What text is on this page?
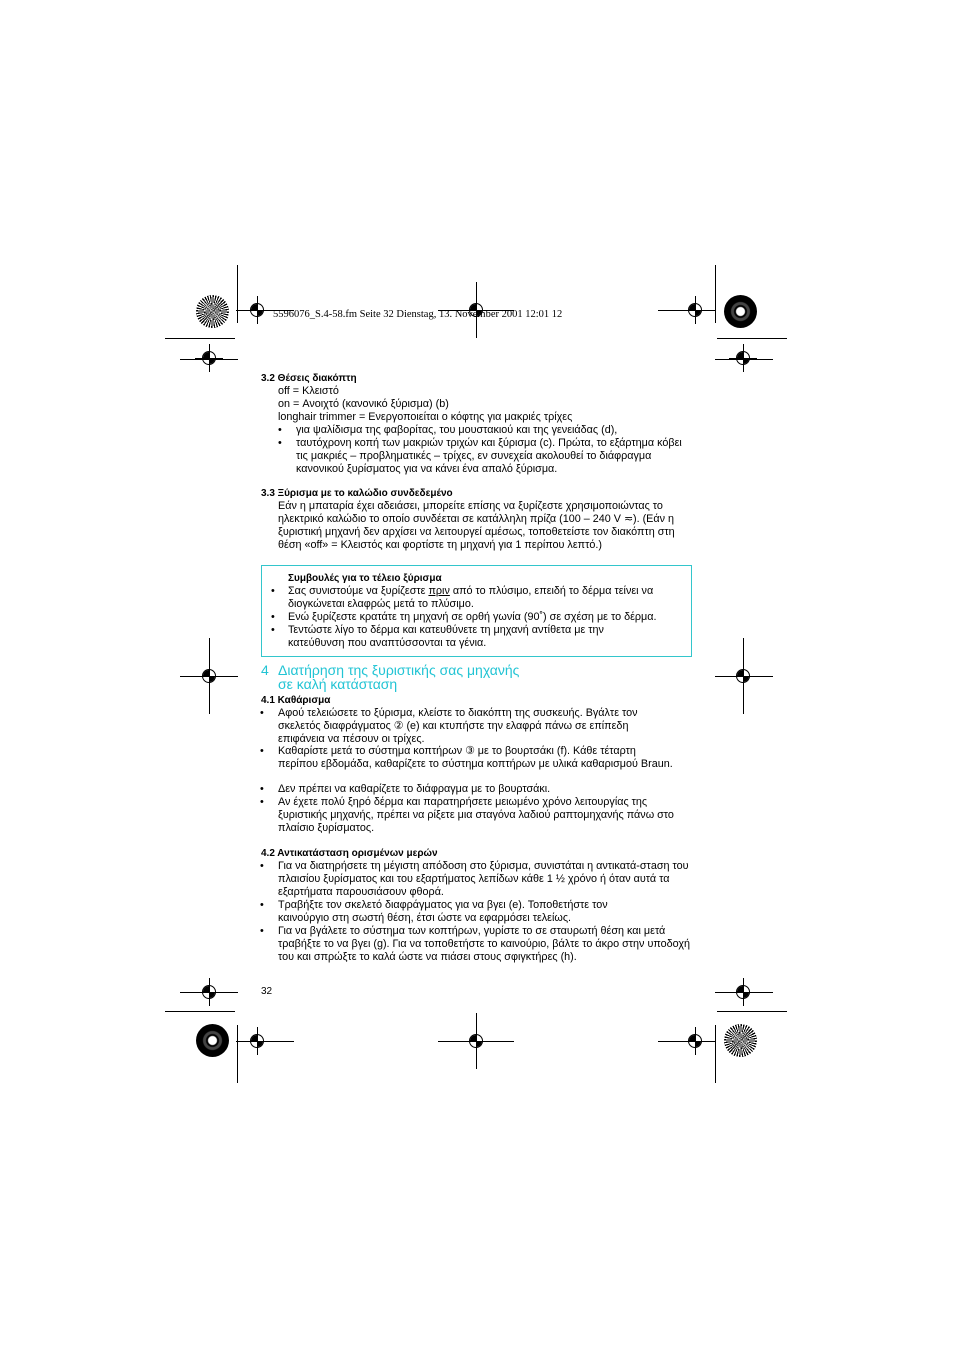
5596076_S.4-58.fm Seite 32 Dienstag, 13. November 2001 12:01 12
3.2 Θέσεις διακόπτη
off = Κλειστό
on = Ανοιχτό (κανονικό ξύρισμα) (b)
longhair trimmer = Ενεργοποιείται ο κόφτης για μακριές τρίχες
• για ψαλίδισμα της φαβορίτας, του μουστακιού και της γενειάδας (d),
• ταυτόχρονη κοπή των μακριών τριχών και ξύρισμα (c). Πρώτα, το εξάρτημα κόβει τις μακριές – προβληματικές – τρίχες, εν συνεχεία ακολουθεί το διάφραγμα κανονικού ξυρίσματος για να κάνει ένα απαλό ξύρισμα.
3.3 Ξύρισμα με το καλώδιο συνδεδεμένο
Εάν η μπαταρία έχει αδειάσει, μπορείτε επίσης να ξυρίζεστε χρησιμοποιώντας το ηλεκτρικό καλώδιο το οποίο συνδέεται σε κατάλληλη πρίζα (100 – 240 V ≂). (Εάν η ξυριστική μηχανή δεν αρχίσει να λειτουργεί αμέσως, τοποθετείστε τον διακόπτη στη θέση «off» = Κλειστός και φορτίστε τη μηχανή για 1 περίπου λεπτό.)
Συμβουλές για το τέλειο ξύρισμα
• Σας συνιστούμε να ξυρίζεστε πριν από το πλύσιμο, επειδή το δέρμα τείνει να διογκώνεται ελαφρώς μετά το πλύσιμο.
• Ενώ ξυρίζεστε κρατάτε τη μηχανή σε ορθή γωνία (90˚) σε σχέση με το δέρμα.
• Τεντώστε λίγο το δέρμα και κατευθύνετε τη μηχανή αντίθετα με την κατεύθυνση που αναπτύσσονται τα γένια.
4 Διατήρηση της ξυριστικής σας μηχανής
σε καλή κατάσταση
4.1 Καθάρισμα
• Αφού τελειώσετε το ξύρισμα, κλείστε το διακόπτη της συσκευής. Βγάλτε τον σκελετός διαφράγματος ② (e) και κτυπήστε την ελαφρά πάνω σε επίπεδη επιφάνεια να πέσουν οι τρίχες.
• Καθαρίστε μετά το σύστημα κοπτήρων ③ με το βουρτσάκι (f). Κάθε τέταρτη περίπου εβδομάδα, καθαρίζετε το σύστημα κοπτήρων με υλικά καθαρισμού Braun.
• Δεν πρέπει να καθαρίζετε το διάφραγμα με το βουρτσάκι.
• Αν έχετε πολύ ξηρό δέρμα και παρατηρήσετε μειωμένο χρόνο λειτουργίας της ξυριστικής μηχανής, πρέπει να ρίξετε μια σταγόνα λαδιού ραπτομηχανής πάνω στο πλαίσιο ξυρίσματος.
4.2 Αντικατάσταση ορισμένων μερών
• Για να διατηρήσετε τη μέγιστη απόδοση στο ξύρισμα, συνιστάται η αντικατά-στaση του πλαισίου ξυρίσματος και του εξαρτήματος λεπίδων κάθε 1 ½ χρόνο ή όταν αυτά τα εξαρτήματα παρουσιάσουν φθορά.
• Τραβήξτε τον σκελετό διαφράγματος για να βγει (e). Τοποθετήστε τον καινούργιο στη σωστή θέση, έτσι ώστε να εφαρμόσει τελείως.
• Για να βγάλετε το σύστημα των κοπτήρων, γυρίστε το σε σταυρωτή θέση και μετά τραβήξτε το να βγει (g). Για να τοποθετήστε το καινούριο, βάλτε το άκρο στην υποδοχή του και σπρώξτε το καλά ώστε να πιάσει στους σφιγκτήρες (h).
32
